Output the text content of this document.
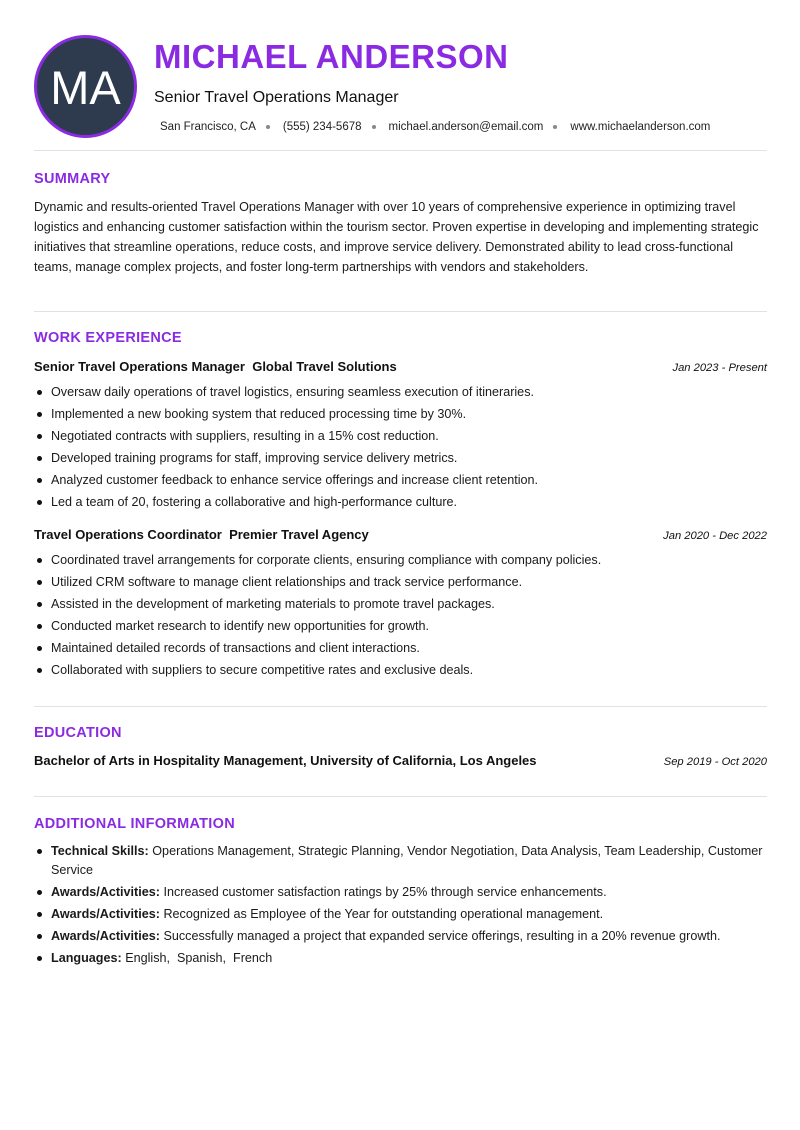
MA
MICHAEL ANDERSON
Senior Travel Operations Manager
San Francisco, CA (555) 234-5678 michael.anderson@email.com www.michaelanderson.com
SUMMARY

Dynamic and results-oriented Travel Operations Manager with over 10 years of comprehensive experience in optimizing travel logistics and enhancing customer satisfaction within the tourism sector. Proven expertise in developing and implementing strategic initiatives that streamline operations, reduce costs, and improve service delivery. Demonstrated ability to lead cross-functional teams, manage complex projects, and foster long-term partnerships with vendors and stakeholders.

WORK EXPERIENCE
Senior Travel Operations Manager Global Travel Solutions	Jan 2023 - Present
Oversaw daily operations of travel logistics, ensuring seamless execution of itineraries.
Implemented a new booking system that reduced processing time by 30%.
Negotiated contracts with suppliers, resulting in a 15% cost reduction.
Developed training programs for staff, improving service delivery metrics.
Analyzed customer feedback to enhance service offerings and increase client retention.
Led a team of 20, fostering a collaborative and high-performance culture.
Travel Operations Coordinator Premier Travel Agency	Jan 2020 - Dec 2022
Coordinated travel arrangements for corporate clients, ensuring compliance with company policies.
Utilized CRM software to manage client relationships and track service performance.
Assisted in the development of marketing materials to promote travel packages.
Conducted market research to identify new opportunities for growth.
Maintained detailed records of transactions and client interactions.
Collaborated with suppliers to secure competitive rates and exclusive deals.
EDUCATION
Bachelor of Arts in Hospitality Management, University of California, Los Angeles	Sep 2019 - Oct 2020
ADDITIONAL INFORMATION
Technical Skills: Operations Management, Strategic Planning, Vendor Negotiation, Data Analysis, Team Leadership, Customer Service
Awards/Activities: Increased customer satisfaction ratings by 25% through service enhancements.
Awards/Activities: Recognized as Employee of the Year for outstanding operational management.
Awards/Activities: Successfully managed a project that expanded service offerings, resulting in a 20% revenue growth.
Languages: English,  Spanish,  French
